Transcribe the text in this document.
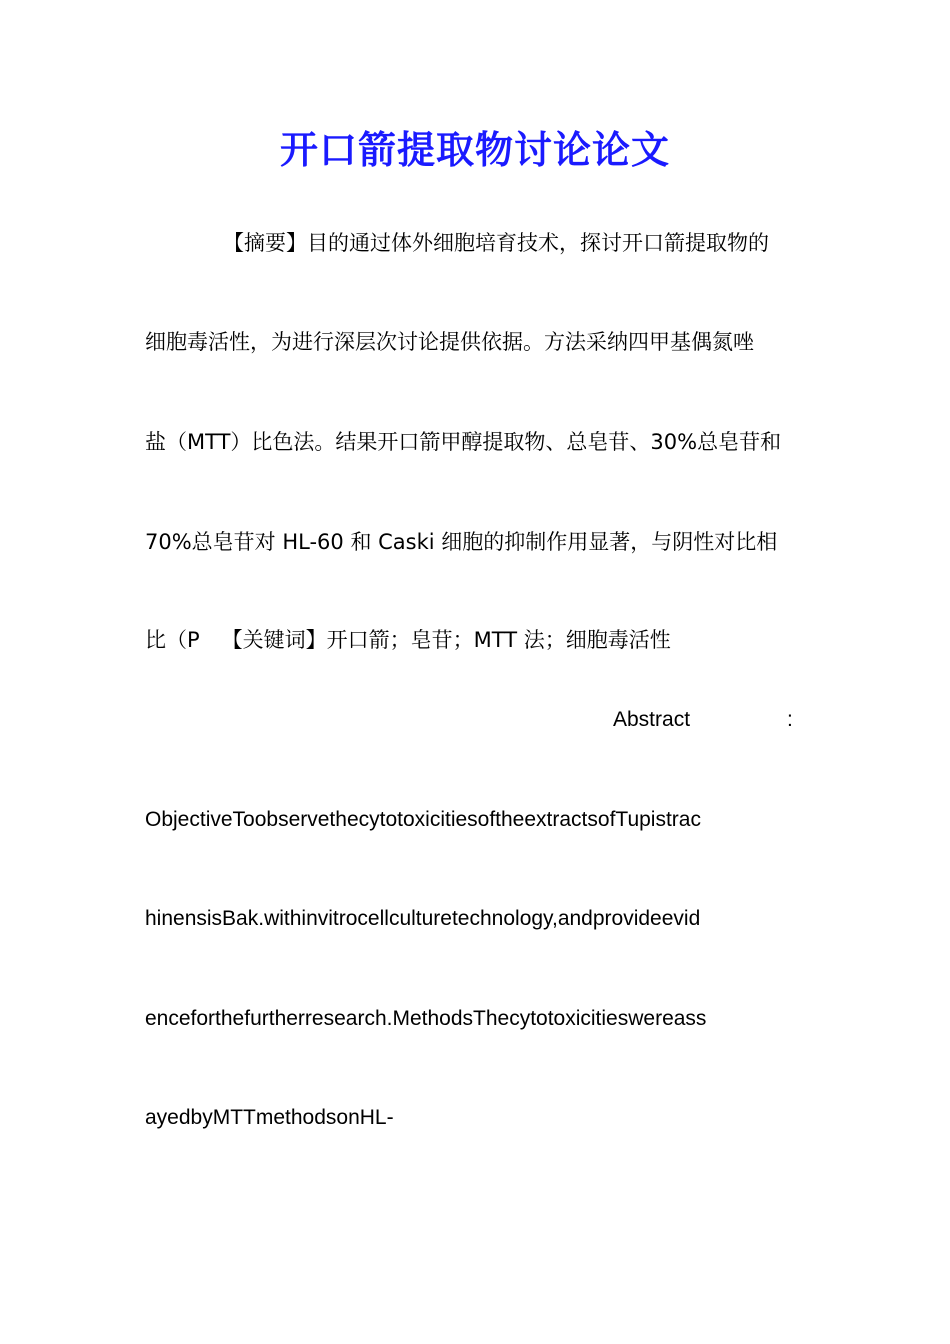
开口箭提取物讨论论文

【摘要】目的通过体外细胞培育技术，探讨开口箭提取物的

细胞毒活性，为进行深层次讨论提供依据。方法采纳四甲基偶氮唑

盐（MTT）比色法。结果开口箭甲醇提取物、总皂苷、30%总皂苷和

70%总皂苷对 HL-60 和 Caski 细胞的抑制作用显著，与阴性对比相

比（P 【关键词】开口箭；皂苷；MTT 法；细胞毒活性

Abstract	:

ObjectiveToobservethecytotoxicitiesoftheextractsofTupistrac

hinensisBak.withinvitrocellculturetechnology,andprovideevid

enceforthefurtherresearch.MethodsThecytotoxicitieswereass

ayedbyMTTmethodsonHL-
